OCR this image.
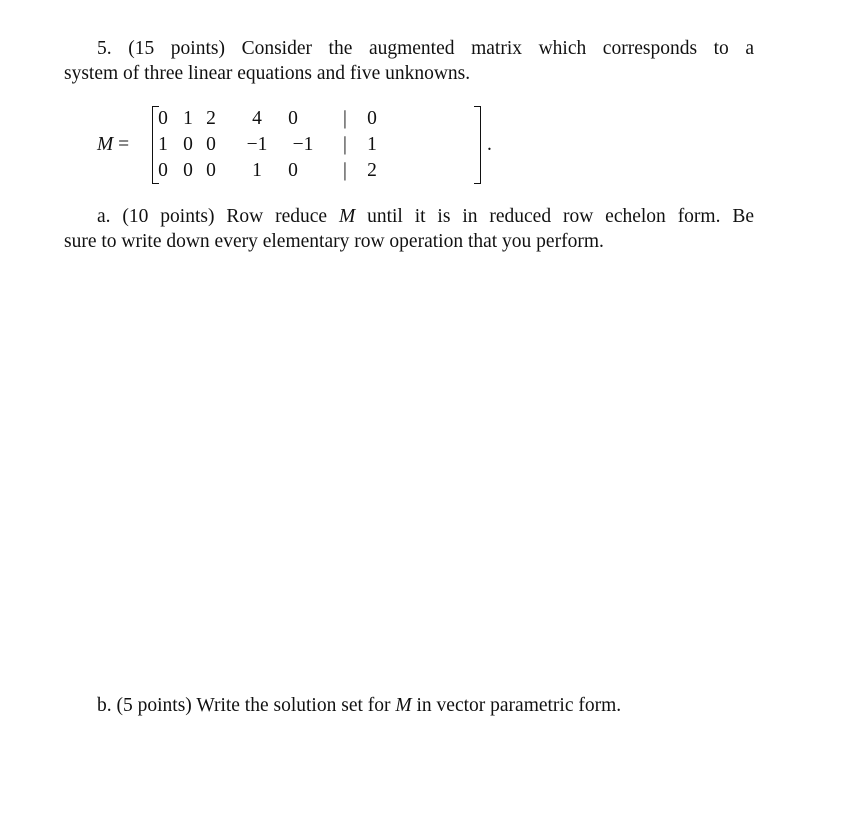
5. (15 points) Consider the augmented matrix which corresponds to a
system of three linear equations and five unknowns.
M =
0 1 2	4	0	|	0
1 0 0	−1 −1 |	1
0 0 0	1	0	|	2
.
a. (10 points) Row reduce M until it is in reduced row echelon form. Be
sure to write down every elementary row operation that you perform.
b. (5 points) Write the solution set for M in vector parametric form.
